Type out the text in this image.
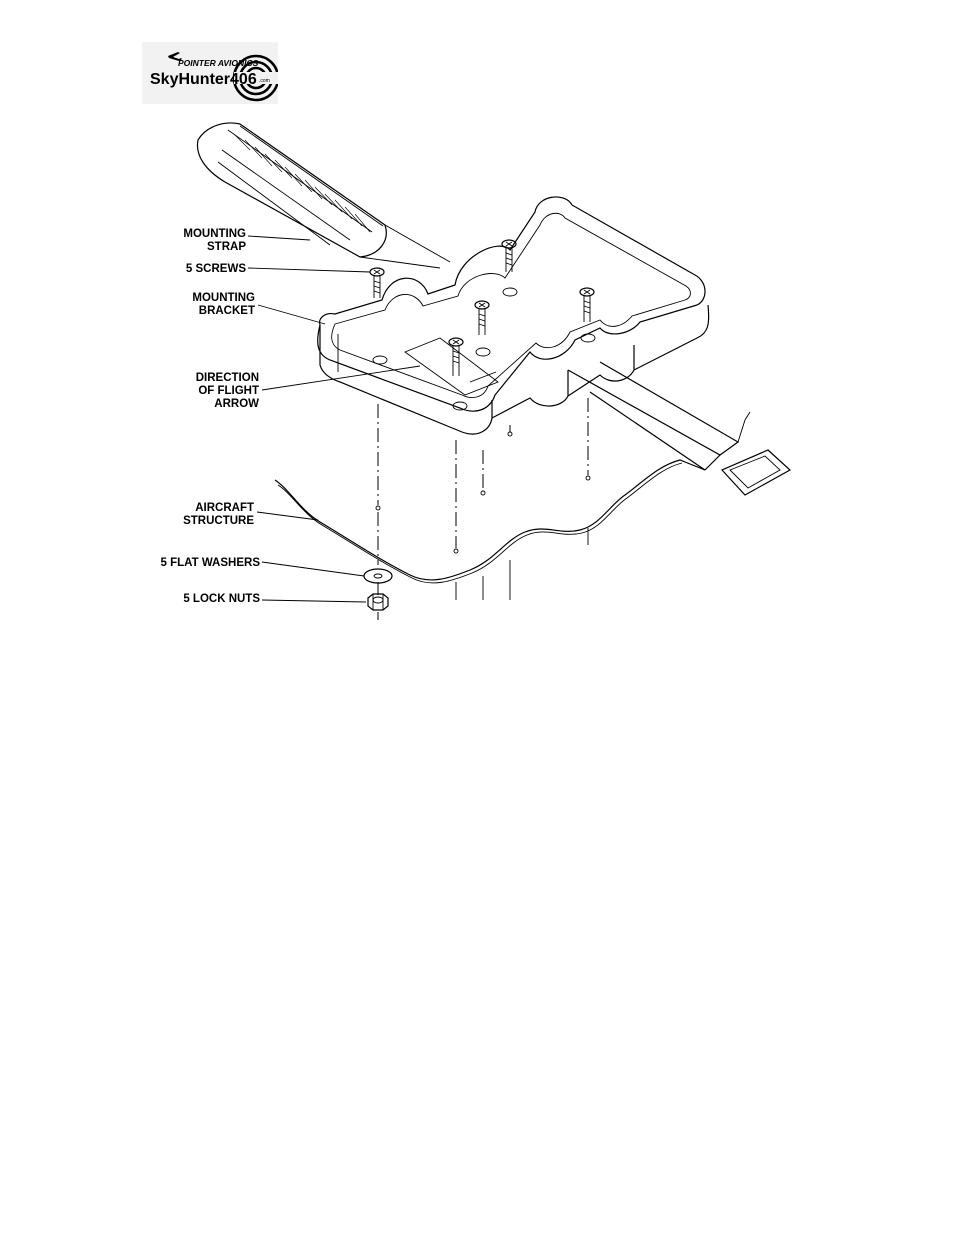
POINTER AVIONICS
SkyHunter406 .com
MOUNTING
STRAP
5 SCREWS
MOUNTING
BRACKET
DIRECTION
OF FLIGHT
ARROW
AIRCRAFT
STRUCTURE
5 FLAT WASHERS
5 LOCK NUTS
